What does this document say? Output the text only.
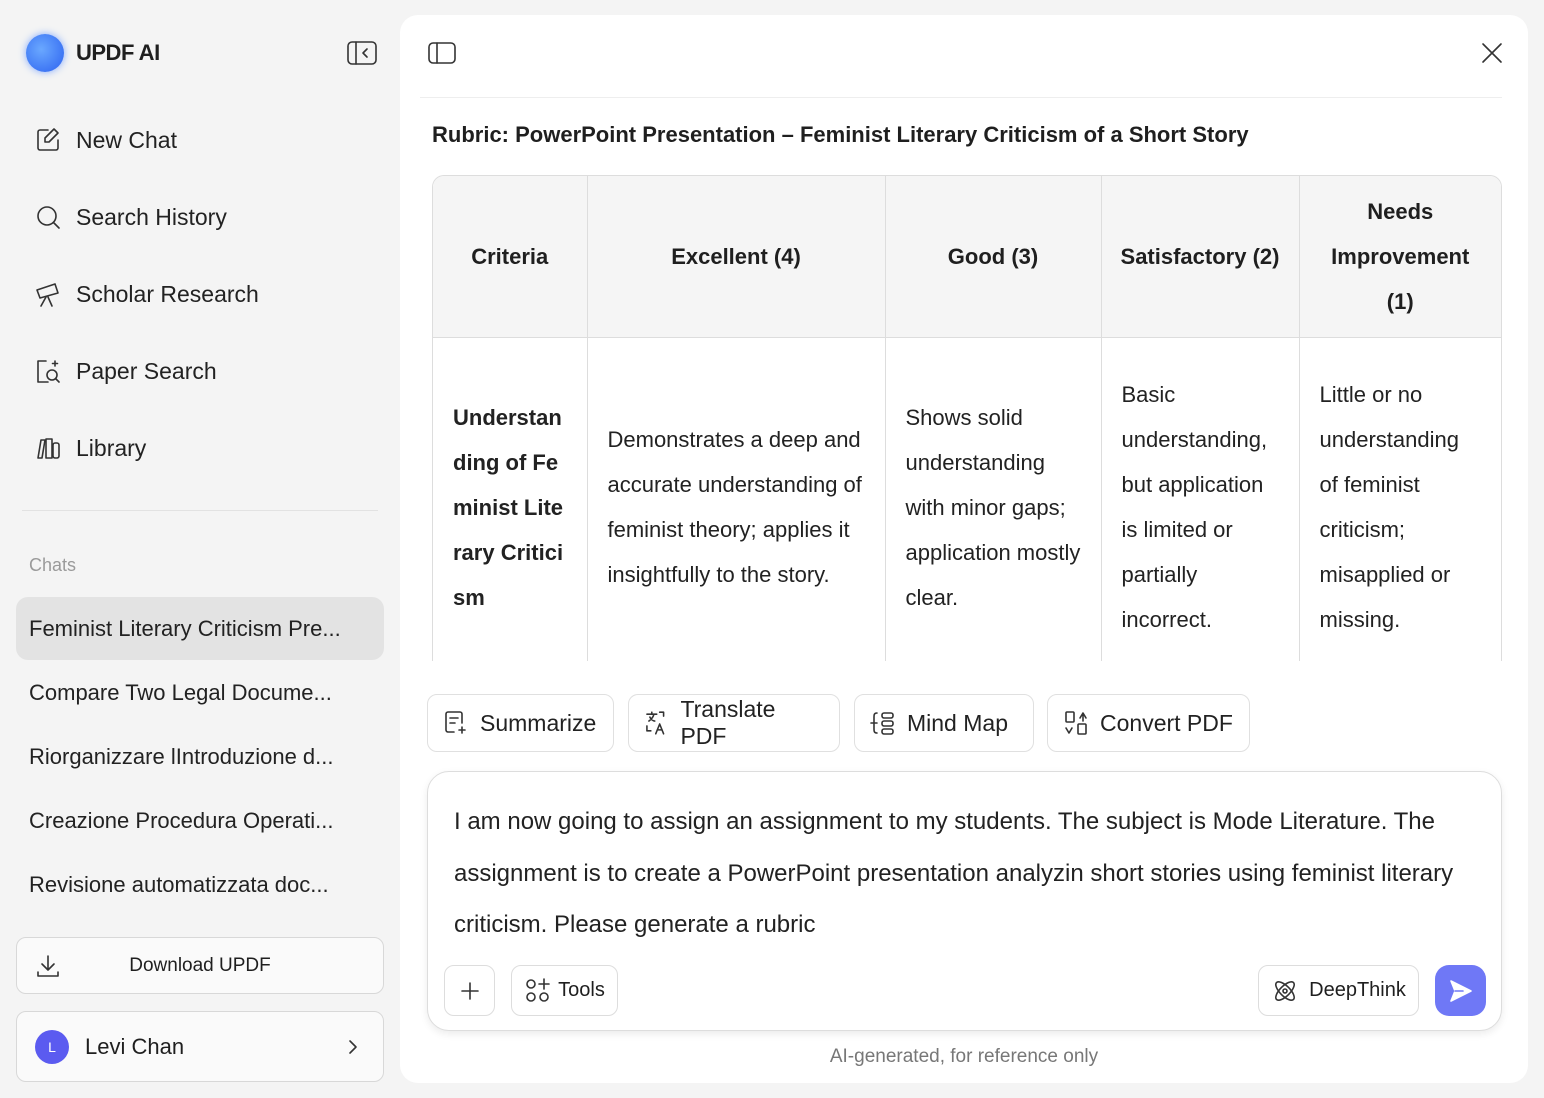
UPDF AI
New Chat
Search History
Scholar Research
Paper Search
Library
Chats
Feminist Literary Criticism Pre...
Compare Two Legal Docume...
Riorganizzare lIntroduzione d...
Creazione Procedura Operati...
Revisione automatizzata doc...
Download UPDF
L	Levi Chan
Rubric: PowerPoint Presentation – Feminist Literary Criticism of a Short Story
Criteria	Excellent (4)	Good (3)	Satisfactory (2)	Needs Improvement (1)
Understanding of Feminist Literary Criticism	Demonstrates a deep and accurate understanding of feminist theory; applies it insightfully to the story.	Shows solid understanding with minor gaps; application mostly clear.	Basic understanding, but application is limited or partially incorrect.	Little or no understanding of feminist criticism; misapplied or missing.
Summarize
Translate PDF
Mind Map	Convert PDF
I am now going to assign an assignment to my students. The subject is Mode Literature. The assignment is to create a PowerPoint presentation analyzin short stories using feminist literary criticism. Please generate a rubric
Tools	DeepThink
AI-generated, for reference only
